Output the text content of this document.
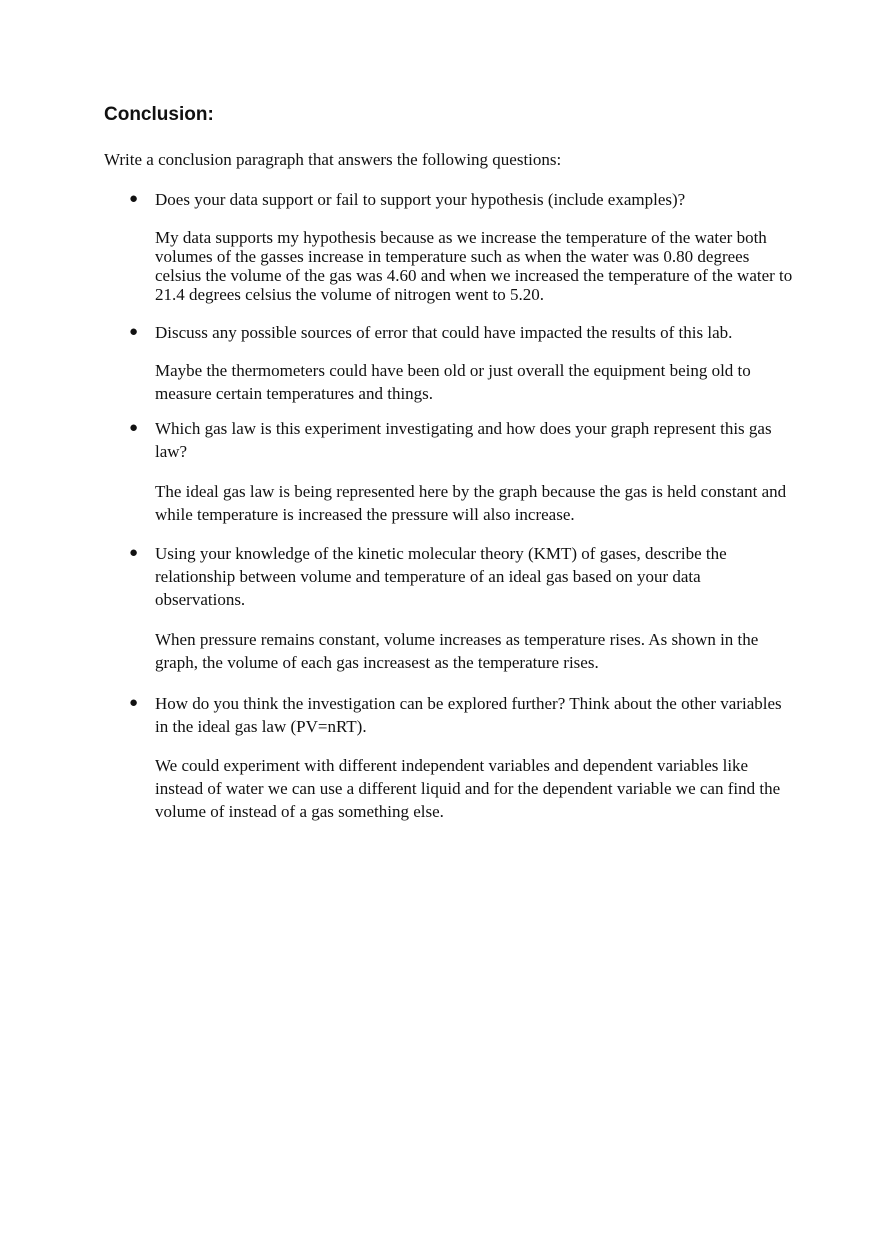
Conclusion:

Write a conclusion paragraph that answers the following questions:

● Does your data support or fail to support your hypothesis (include examples)?

My data supports my hypothesis because as we increase the temperature of the water both volumes of the gasses increase in temperature such as when the water was 0.80 degrees celsius the volume of the gas was 4.60 and when we increased the temperature of the water to 21.4 degrees celsius the volume of nitrogen went to 5.20.

● Discuss any possible sources of error that could have impacted the results of this lab.

Maybe the thermometers could have been old or just overall the equipment being old to measure certain temperatures and things.

● Which gas law is this experiment investigating and how does your graph represent this gas law?

The ideal gas law is being represented here by the graph because the gas is held constant and while temperature is increased the pressure will also increase.

● Using your knowledge of the kinetic molecular theory (KMT) of gases, describe the relationship between volume and temperature of an ideal gas based on your data observations.

When pressure remains constant, volume increases as temperature rises. As shown in the graph, the volume of each gas increasest as the temperature rises.

● How do you think the investigation can be explored further? Think about the other variables in the ideal gas law (PV=nRT).

We could experiment with different independent variables and dependent variables like instead of water we can use a different liquid and for the dependent variable we can find the volume of instead of a gas something else.
